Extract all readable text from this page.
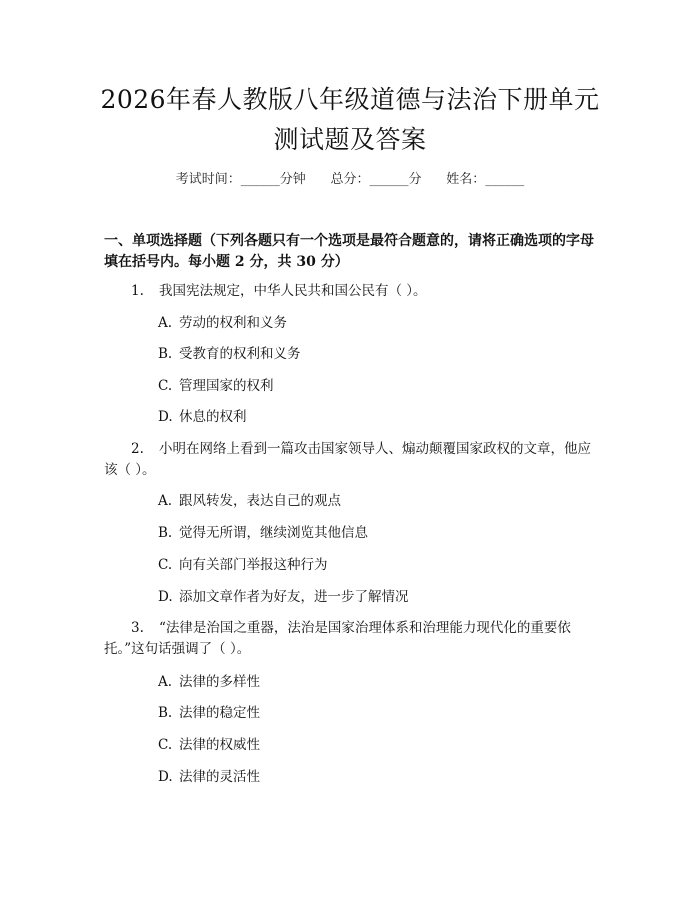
2026年春人教版八年级道德与法治下册单元
测试题及答案
考试时间：______分钟      总分：______分      姓名：______
一、单项选择题（下列各题只有一个选项是最符合题意的，请将正确选项的字母
填在括号内。每小题 2 分，共 30 分）
1. 我国宪法规定，中华人民共和国公民有（ ）。
A. 劳动的权利和义务
B. 受教育的权利和义务
C. 管理国家的权利
D. 休息的权利
2. 小明在网络上看到一篇攻击国家领导人、煽动颠覆国家政权的文章，他应
该（ ）。
A. 跟风转发，表达自己的观点
B. 觉得无所谓，继续浏览其他信息
C. 向有关部门举报这种行为
D. 添加文章作者为好友，进一步了解情况
3. “法律是治国之重器，法治是国家治理体系和治理能力现代化的重要依
托。”这句话强调了（ ）。
A. 法律的多样性
B. 法律的稳定性
C. 法律的权威性
D. 法律的灵活性
